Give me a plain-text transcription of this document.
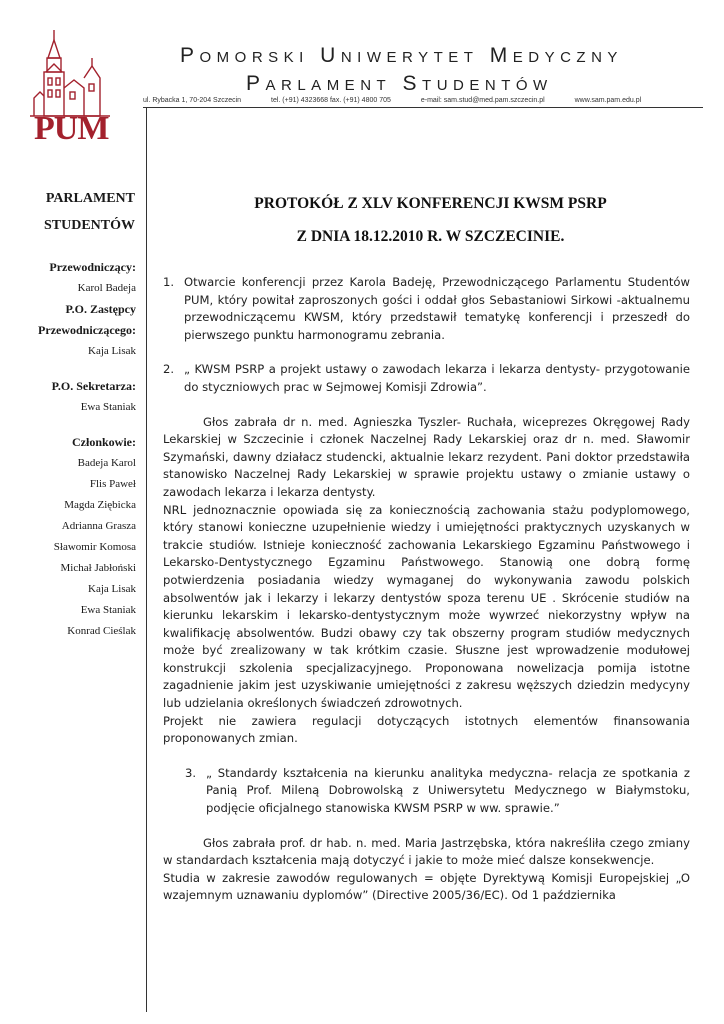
PUM
Pomorski Uniwerytet Medyczny
Parlament Studentów
ul. Rybacka 1, 70-204 Szczecin	tel. (+91) 4323668 fax. (+91) 4800 705	e-mail: sam.stud@med.pam.szczecin.pl	www.sam.pam.edu.pl
PARLAMENT
STUDENTÓW
Przewodniczący:
Karol Badeja
P.O. Zastępcy
Przewodniczącego:
Kaja Lisak
P.O. Sekretarza:
Ewa Staniak
Członkowie:
Badeja Karol
Flis Paweł
Magda Ziębicka
Adrianna Grasza
Sławomir Komosa
Michał Jabłoński
Kaja Lisak
Ewa Staniak
Konrad Cieślak
PROTOKÓŁ Z XLV KONFERENCJI KWSM PSRP
Z DNIA 18.12.2010 R. W SZCZECINIE.
1. Otwarcie konferencji przez Karola Badeję, Przewodniczącego Parlamentu Studentów PUM, który powitał zaproszonych gości i oddał głos Sebastaniowi Sirkowi -aktualnemu przewodniczącemu KWSM, który przedstawił tematykę konferencji i przeszedł do pierwszego punktu harmonogramu zebrania.
2. „ KWSM PSRP a projekt ustawy o zawodach lekarza i lekarza dentysty- przygotowanie do styczniowych prac w Sejmowej Komisji Zdrowia”.
Głos zabrała dr n. med. Agnieszka Tyszler- Ruchała, wiceprezes Okręgowej Rady Lekarskiej w Szczecinie i członek Naczelnej Rady Lekarskiej oraz dr n. med. Sławomir Szymański, dawny działacz studencki, aktualnie lekarz rezydent. Pani doktor przedstawiła stanowisko Naczelnej Rady Lekarskiej w sprawie projektu ustawy o zmianie ustawy o zawodach lekarza i lekarza dentysty.
NRL jednoznacznie opowiada się za koniecznością zachowania stażu podyplomowego, który stanowi konieczne uzupełnienie wiedzy i umiejętności praktycznych uzyskanych w trakcie studiów. Istnieje konieczność zachowania Lekarskiego Egzaminu Państwowego i Lekarsko-Dentystycznego Egzaminu Państwowego. Stanowią one dobrą formę potwierdzenia posiadania wiedzy wymaganej do wykonywania zawodu polskich absolwentów jak i lekarzy i lekarzy dentystów spoza terenu UE . Skrócenie studiów na kierunku lekarskim i lekarsko-dentystycznym może wywrzeć niekorzystny wpływ na kwalifikację absolwentów. Budzi obawy czy tak obszerny program studiów medycznych może być zrealizowany w tak krótkim czasie. Słuszne jest wprowadzenie modułowej konstrukcji szkolenia specjalizacyjnego. Proponowana nowelizacja pomija istotne zagadnienie jakim jest uzyskiwanie umiejętności z zakresu węższych dziedzin medycyny lub udzielania określonych świadczeń zdrowotnych.
Projekt nie zawiera regulacji dotyczących istotnych elementów finansowania proponowanych zmian.
3. „ Standardy kształcenia na kierunku analityka medyczna- relacja ze spotkania z Panią Prof. Mileną Dobrowolską z Uniwersytetu Medycznego w Białymstoku, podjęcie oficjalnego stanowiska KWSM PSRP w ww. sprawie.”
Głos zabrała prof. dr hab. n. med. Maria Jastrzębska, która nakreśliła czego zmiany w standardach kształcenia mają dotyczyć i jakie to może mieć dalsze konsekwencje.
Studia w zakresie zawodów regulowanych = objęte Dyrektywą Komisji Europejskiej „O wzajemnym uznawaniu dyplomów” (Directive 2005/36/EC). Od 1 października
